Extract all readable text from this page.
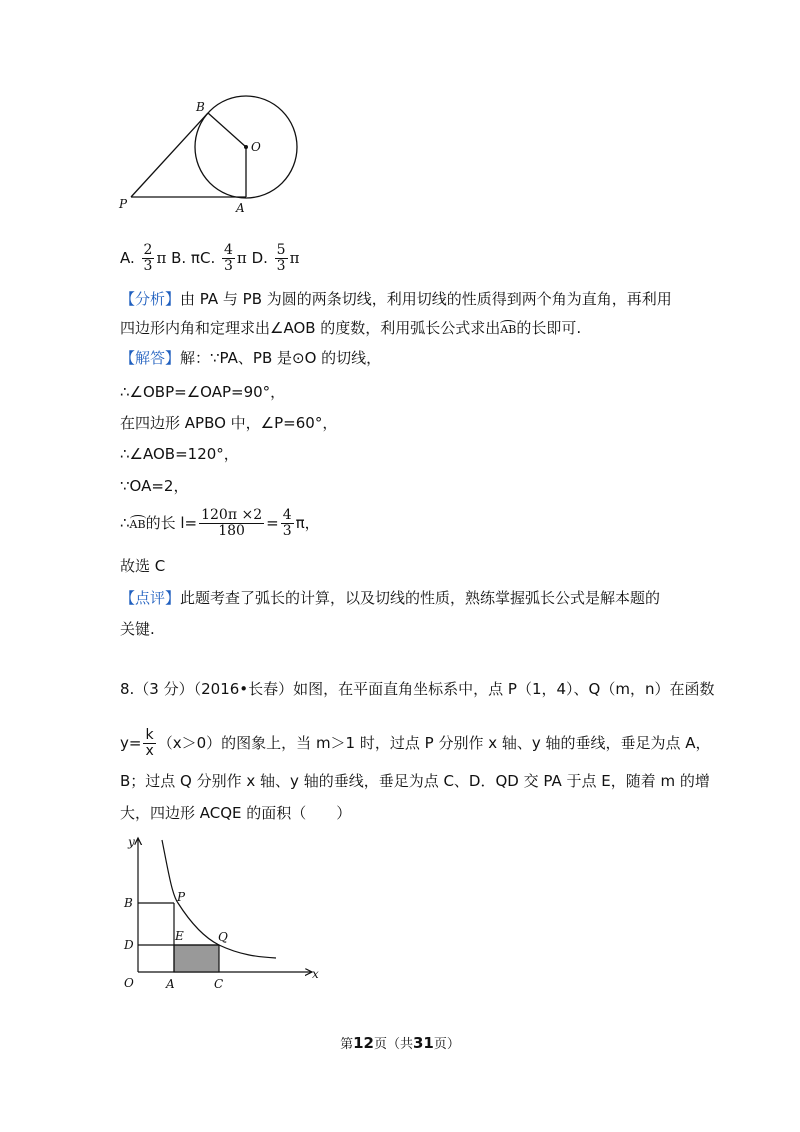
B
O
P	A
A. $\frac{2}{3}$ π B. πC. $\frac{4}{3}$ π D. $\frac{5}{3}$ π
【分析】由 PA 与 PB 为圆的两条切线，利用切线的性质得到两个角为直角，再利用
四边形内角和定理求出∠AOB 的度数，利用弧长公式求出AB的长即可.
【解答】解：∵PA、PB 是⊙O 的切线，
∴∠OBP=∠OAP=90°，
在四边形 APBO 中，∠P=60°，
∴∠AOB=120°，
∵OA=2，
∴AB的长 $l= \frac{120\pi \times 2}{180} = \frac{4}{3}$ π，
故选 C
【点评】此题考查了弧长的计算，以及切线的性质，熟练掌握弧长公式是解本题的
关键.
8.（3 分）（2016•长春）如图，在平面直角坐标系中，点 P（1，4）、Q（m，n）在函数
$y= \frac{k}{x} (x>0)$的图象上，当 m＞1 时，过点 P 分别作 x 轴、y 轴的垂线，垂足为点 A，
B；过点 Q 分别作 x 轴、y 轴的垂线，垂足为点 C、D．QD 交 PA 于点 E，随着 m 的增
大，四边形 ACQE 的面积（　　）
y
x
B	P
D
E	Q
O	A	C
第12页（共31页）
